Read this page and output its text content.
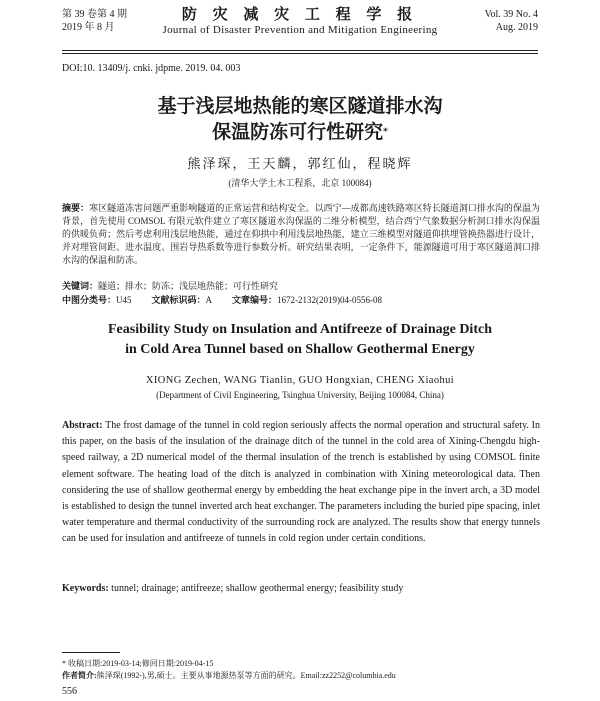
第 39 卷第 4 期
2019 年 8 月
防 灾 减 灾 工 程 学 报
Journal of Disaster Prevention and Mitigation Engineering
Vol. 39 No. 4
Aug. 2019
DOI:10. 13409/j. cnki. jdpme. 2019. 04. 003
基于浅层地热能的寒区隧道排水沟
保温防冻可行性研究*
熊泽琛，王天麟，郭红仙，程晓辉
(清华大学土木工程系，北京 100084)
摘要：寒区隧道冻害问题严重影响隧道的正常运营和结构安全。以西宁—成都高速铁路寒区特长隧道洞口排水沟的保温为背景，首先使用 COMSOL 有限元软件建立了寒区隧道水沟保温的二维分析模型，结合西宁气象数据分析洞口排水沟保温的供暖负荷；然后考虑利用浅层地热能，通过在仰拱中利用浅层地热能，建立三维模型对隧道仰拱埋管换热器进行设计，并对埋管间距、进水温度、围岩导热系数等进行参数分析。研究结果表明，一定条件下，能源隧道可用于寒区隧道洞口排水沟的保温和防冻。
关键词：隧道；排水；防冻；浅层地热能；可行性研究
中图分类号：U45 文献标识码：A 文章编号：1672-2132(2019)04-0556-08
Feasibility Study on Insulation and Antifreeze of Drainage Ditch
in Cold Area Tunnel based on Shallow Geothermal Energy
XIONG Zechen, WANG Tianlin, GUO Hongxian, CHENG Xiaohui
(Department of Civil Engineering, Tsinghua University, Beijing 100084, China)
Abstract: The frost damage of the tunnel in cold region seriously affects the normal operation and structural safety. In this paper, on the basis of the insulation of the drainage ditch of the tunnel in the cold area of Xining-Chengdu high-speed railway, a 2D numerical model of the thermal insulation of the trench is established by using COMSOL finite element software. The heating load of the ditch is analyzed in combination with Xining meteorological data. Then considering the use of shallow geothermal energy by embedding the heat exchange pipe in the invert arch, a 3D model is established to design the tunnel inverted arch heat exchanger. The parameters including the buried pipe spacing, inlet water temperature and thermal conductivity of the surrounding rock are analyzed. The results show that energy tunnels can be used for insulation and antifreeze of tunnels in cold region under certain conditions.
Keywords: tunnel; drainage; antifreeze; shallow geothermal energy; feasibility study
* 收稿日期:2019-03-14;修回日期:2019-04-15
作者简介:熊泽琛(1992-),男,硕士。主要从事地源热泵等方面的研究。Email:zz2252@columbia.edu
556
